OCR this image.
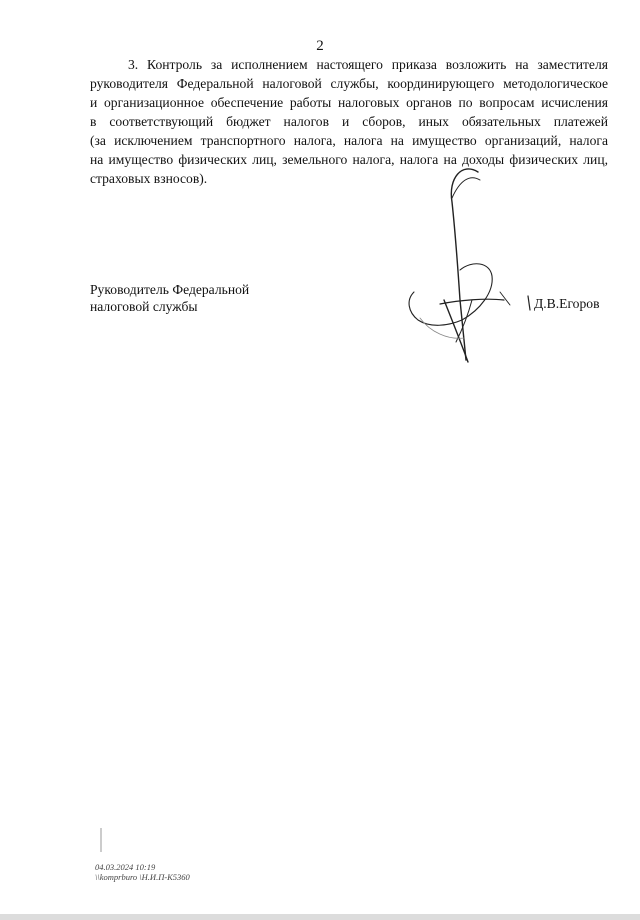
2
3. Контроль за исполнением настоящего приказа возложить на заместителя
руководителя Федеральной налоговой службы, координирующего методологическое
и организационное обеспечение работы налоговых органов по вопросам исчисления
в соответствующий бюджет налогов и сборов, иных обязательных платежей
(за исключением транспортного налога, налога на имущество организаций, налога
на имущество физических лиц, земельного налога, налога на доходы физических лиц,
страховых взносов).
Руководитель Федеральной
налоговой службы	Д.В.Егоров
04.03.2024 10:19
\\komprburo \Н.И.П-К5360
